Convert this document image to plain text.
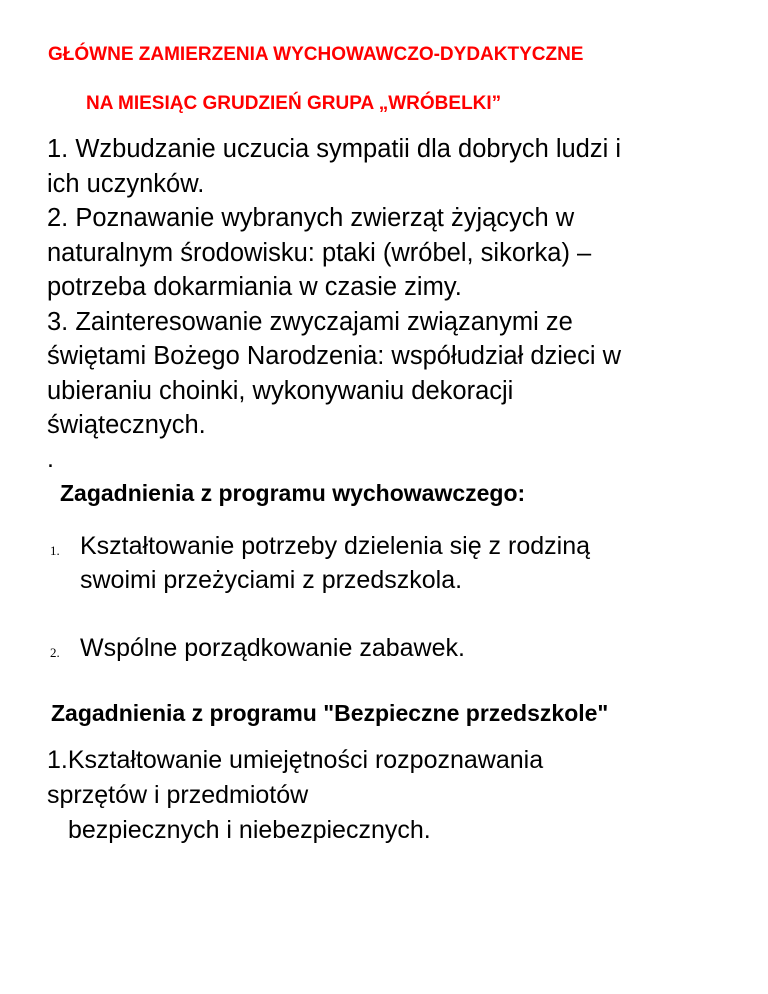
GŁÓWNE ZAMIERZENIA WYCHOWAWCZO-DYDAKTYCZNE

NA MIESIĄC GRUDZIEŃ GRUPA „WRÓBELKI”

1. Wzbudzanie uczucia sympatii dla dobrych ludzi i

ich uczynków.

2. Poznawanie wybranych zwierząt żyjących w

naturalnym środowisku: ptaki (wróbel, sikorka) –

potrzeba dokarmiania w czasie zimy.

3. Zainteresowanie zwyczajami związanymi ze

świętami Bożego Narodzenia: współudział dzieci w

ubieraniu choinki, wykonywaniu dekoracji

świątecznych.

.

Zagadnienia z programu wychowawczego:
1. Kształtowanie potrzeby dzielenia się z rodziną
swoimi przeżyciami z przedszkola.
2. Wspólne porządkowanie zabawek.
Zagadnienia z programu "Bezpieczne przedszkole"

1.Kształtowanie umiejętności rozpoznawania

sprzętów i przedmiotów

bezpiecznych i niebezpiecznych.
